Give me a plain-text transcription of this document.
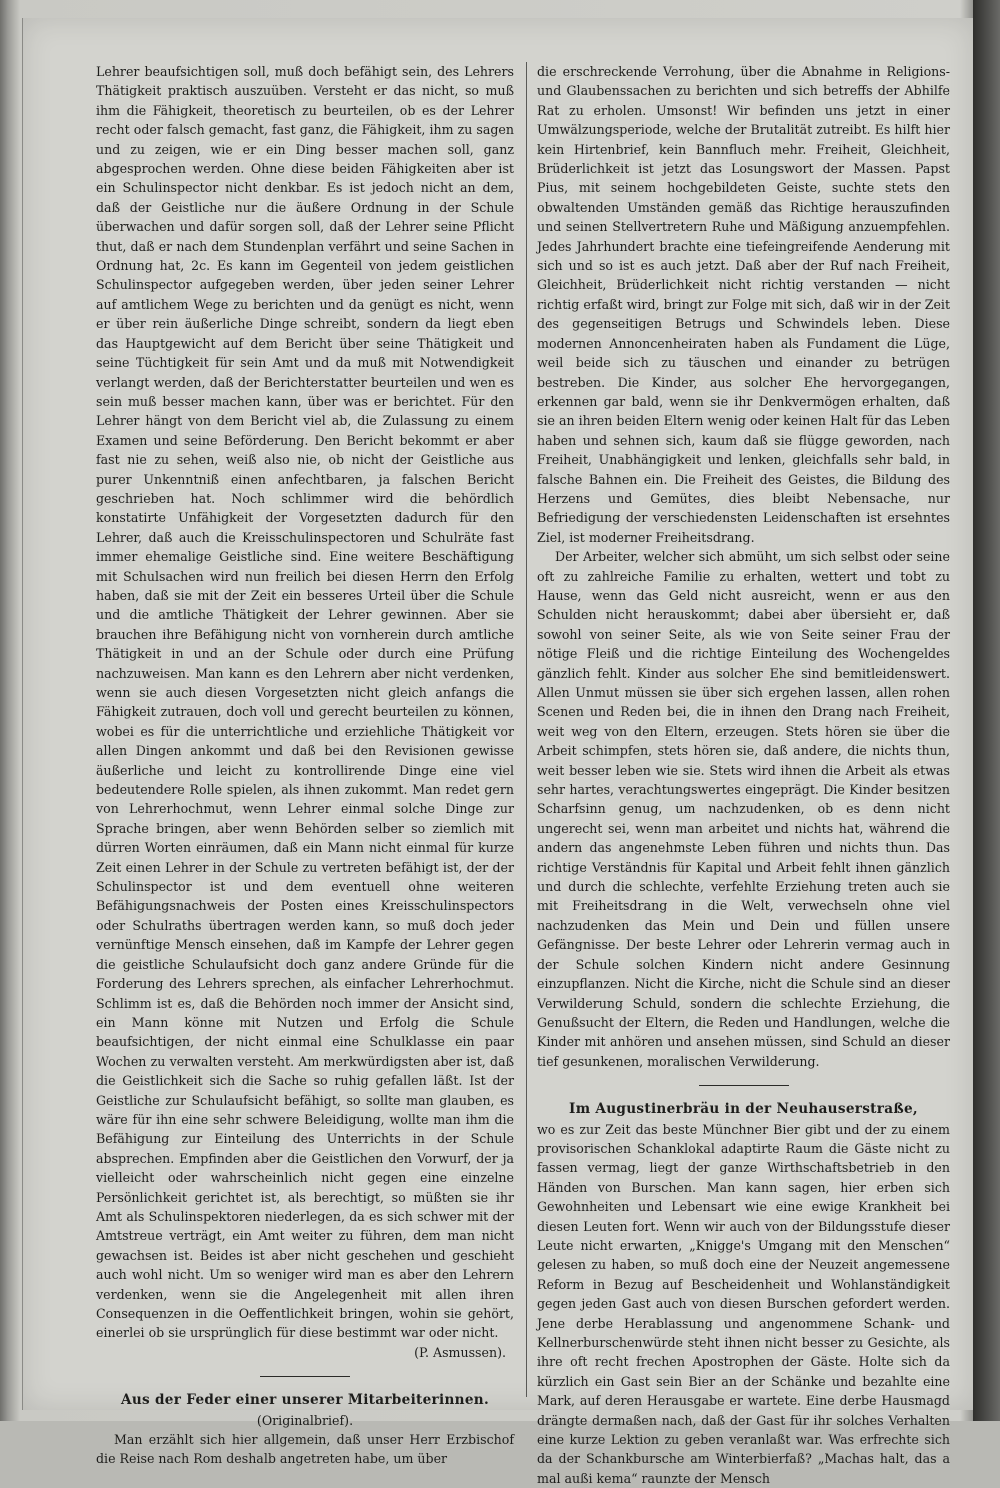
Lehrer beaufsichtigen soll, muß doch befähigt sein, des Lehrers Thätigkeit praktisch auszuüben. Versteht er das nicht, so muß ihm die Fähigkeit, theoretisch zu beurteilen, ob es der Lehrer recht oder falsch gemacht, fast ganz, die Fähigkeit, ihm zu sagen und zu zeigen, wie er ein Ding besser machen soll, ganz abgesprochen werden. Ohne diese beiden Fähigkeiten aber ist ein Schulinspector nicht denkbar. Es ist jedoch nicht an dem, daß der Geistliche nur die äußere Ordnung in der Schule überwachen und dafür sorgen soll, daß der Lehrer seine Pflicht thut, daß er nach dem Stundenplan verfährt und seine Sachen in Ordnung hat, 2c. Es kann im Gegenteil von jedem geistlichen Schulinspector aufgegeben werden, über jeden seiner Lehrer auf amtlichem Wege zu berichten und da genügt es nicht, wenn er über rein äußerliche Dinge schreibt, sondern da liegt eben das Hauptgewicht auf dem Bericht über seine Thätigkeit und seine Tüchtigkeit für sein Amt und da muß mit Notwendigkeit verlangt werden, daß der Berichterstatter beurteilen und wen es sein muß besser machen kann, über was er berichtet. Für den Lehrer hängt von dem Bericht viel ab, die Zulassung zu einem Examen und seine Beförderung. Den Bericht bekommt er aber fast nie zu sehen, weiß also nie, ob nicht der Geistliche aus purer Unkenntniß einen anfechtbaren, ja falschen Bericht geschrieben hat. Noch schlimmer wird die behördlich konstatirte Unfähigkeit der Vorgesetzten dadurch für den Lehrer, daß auch die Kreisschulinspectoren und Schulräte fast immer ehemalige Geistliche sind. Eine weitere Beschäftigung mit Schulsachen wird nun freilich bei diesen Herrn den Erfolg haben, daß sie mit der Zeit ein besseres Urteil über die Schule und die amtliche Thätigkeit der Lehrer gewinnen. Aber sie brauchen ihre Befähigung nicht von vornherein durch amtliche Thätigkeit in und an der Schule oder durch eine Prüfung nachzuweisen. Man kann es den Lehrern aber nicht verdenken, wenn sie auch diesen Vorgesetzten nicht gleich anfangs die Fähigkeit zutrauen, doch voll und gerecht beurteilen zu können, wobei es für die unterrichtliche und erziehliche Thätigkeit vor allen Dingen ankommt und daß bei den Revisionen gewisse äußerliche und leicht zu kontrollirende Dinge eine viel bedeutendere Rolle spielen, als ihnen zukommt. Man redet gern von Lehrerhochmut, wenn Lehrer einmal solche Dinge zur Sprache bringen, aber wenn Behörden selber so ziemlich mit dürren Worten einräumen, daß ein Mann nicht einmal für kurze Zeit einen Lehrer in der Schule zu vertreten befähigt ist, der der Schulinspector ist und dem eventuell ohne weiteren Befähigungsnachweis der Posten eines Kreisschulinspectors oder Schulraths übertragen werden kann, so muß doch jeder vernünftige Mensch einsehen, daß im Kampfe der Lehrer gegen die geistliche Schulaufsicht doch ganz andere Gründe für die Forderung des Lehrers sprechen, als einfacher Lehrerhochmut. Schlimm ist es, daß die Behörden noch immer der Ansicht sind, ein Mann könne mit Nutzen und Erfolg die Schule beaufsichtigen, der nicht einmal eine Schulklasse ein paar Wochen zu verwalten versteht. Am merkwürdigsten aber ist, daß die Geistlichkeit sich die Sache so ruhig gefallen läßt. Ist der Geistliche zur Schulaufsicht befähigt, so sollte man glauben, es wäre für ihn eine sehr schwere Beleidigung, wollte man ihm die Befähigung zur Einteilung des Unterrichts in der Schule absprechen. Empfinden aber die Geistlichen den Vorwurf, der ja vielleicht oder wahrscheinlich nicht gegen eine einzelne Persönlichkeit gerichtet ist, als berechtigt, so müßten sie ihr Amt als Schulinspektoren niederlegen, da es sich schwer mit der Amtstreue verträgt, ein Amt weiter zu führen, dem man nicht gewachsen ist. Beides ist aber nicht geschehen und geschieht auch wohl nicht. Um so weniger wird man es aber den Lehrern verdenken, wenn sie die Angelegenheit mit allen ihren Consequenzen in die Oeffentlichkeit bringen, wohin sie gehört, einerlei ob sie ursprünglich für diese bestimmt war oder nicht.

(P. Asmussen).

Aus der Feder einer unserer Mitarbeiterinnen.

(Originalbrief).

Man erzählt sich hier allgemein, daß unser Herr Erzbischof die Reise nach Rom deshalb angetreten habe, um über

die erschreckende Verrohung, über die Abnahme in Religions- und Glaubenssachen zu berichten und sich betreffs der Abhilfe Rat zu erholen. Umsonst! Wir befinden uns jetzt in einer Umwälzungsperiode, welche der Brutalität zutreibt. Es hilft hier kein Hirtenbrief, kein Bannfluch mehr. Freiheit, Gleichheit, Brüderlichkeit ist jetzt das Losungswort der Massen. Papst Pius, mit seinem hochgebildeten Geiste, suchte stets den obwaltenden Umständen gemäß das Richtige herauszufinden und seinen Stellvertretern Ruhe und Mäßigung anzuempfehlen. Jedes Jahrhundert brachte eine tiefeingreifende Aenderung mit sich und so ist es auch jetzt. Daß aber der Ruf nach Freiheit, Gleichheit, Brüderlichkeit nicht richtig verstanden — nicht richtig erfaßt wird, bringt zur Folge mit sich, daß wir in der Zeit des gegenseitigen Betrugs und Schwindels leben. Diese modernen Annoncenheiraten haben als Fundament die Lüge, weil beide sich zu täuschen und einander zu betrügen bestreben. Die Kinder, aus solcher Ehe hervorgegangen, erkennen gar bald, wenn sie ihr Denkvermögen erhalten, daß sie an ihren beiden Eltern wenig oder keinen Halt für das Leben haben und sehnen sich, kaum daß sie flügge geworden, nach Freiheit, Unabhängigkeit und lenken, gleichfalls sehr bald, in falsche Bahnen ein. Die Freiheit des Geistes, die Bildung des Herzens und Gemütes, dies bleibt Nebensache, nur Befriedigung der verschiedensten Leidenschaften ist ersehntes Ziel, ist moderner Freiheitsdrang.

Der Arbeiter, welcher sich abmüht, um sich selbst oder seine oft zu zahlreiche Familie zu erhalten, wettert und tobt zu Hause, wenn das Geld nicht ausreicht, wenn er aus den Schulden nicht herauskommt; dabei aber übersieht er, daß sowohl von seiner Seite, als wie von Seite seiner Frau der nötige Fleiß und die richtige Einteilung des Wochengeldes gänzlich fehlt. Kinder aus solcher Ehe sind bemitleidenswert. Allen Unmut müssen sie über sich ergehen lassen, allen rohen Scenen und Reden bei, die in ihnen den Drang nach Freiheit, weit weg von den Eltern, erzeugen. Stets hören sie über die Arbeit schimpfen, stets hören sie, daß andere, die nichts thun, weit besser leben wie sie. Stets wird ihnen die Arbeit als etwas sehr hartes, verachtungswertes eingeprägt. Die Kinder besitzen Scharfsinn genug, um nachzudenken, ob es denn nicht ungerecht sei, wenn man arbeitet und nichts hat, während die andern das angenehmste Leben führen und nichts thun. Das richtige Verständnis für Kapital und Arbeit fehlt ihnen gänzlich und durch die schlechte, verfehlte Erziehung treten auch sie mit Freiheitsdrang in die Welt, verwechseln ohne viel nachzudenken das Mein und Dein und füllen unsere Gefängnisse. Der beste Lehrer oder Lehrerin vermag auch in der Schule solchen Kindern nicht andere Gesinnung einzupflanzen. Nicht die Kirche, nicht die Schule sind an dieser Verwilderung Schuld, sondern die schlechte Erziehung, die Genußsucht der Eltern, die Reden und Handlungen, welche die Kinder mit anhören und ansehen müssen, sind Schuld an dieser tief gesunkenen, moralischen Verwilderung.

Im Augustinerbräu in der Neuhauserstraße,

wo es zur Zeit das beste Münchner Bier gibt und der zu einem provisorischen Schanklokal adaptirte Raum die Gäste nicht zu fassen vermag, liegt der ganze Wirthschaftsbetrieb in den Händen von Burschen. Man kann sagen, hier erben sich Gewohnheiten und Lebensart wie eine ewige Krankheit bei diesen Leuten fort. Wenn wir auch von der Bildungsstufe dieser Leute nicht erwarten, „Knigge's Umgang mit den Menschen“ gelesen zu haben, so muß doch eine der Neuzeit angemessene Reform in Bezug auf Bescheidenheit und Wohlanständigkeit gegen jeden Gast auch von diesen Burschen gefordert werden. Jene derbe Herablassung und angenommene Schank- und Kellnerburschenwürde steht ihnen nicht besser zu Gesichte, als ihre oft recht frechen Apostrophen der Gäste. Holte sich da kürzlich ein Gast sein Bier an der Schänke und bezahlte eine Mark, auf deren Herausgabe er wartete. Eine derbe Hausmagd drängte dermaßen nach, daß der Gast für ihr solches Verhalten eine kurze Lektion zu geben veranlaßt war. Was erfrechte sich da der Schankbursche am Winterbierfaß? „Machas halt, das a mal außi kema“ raunzte der Mensch
